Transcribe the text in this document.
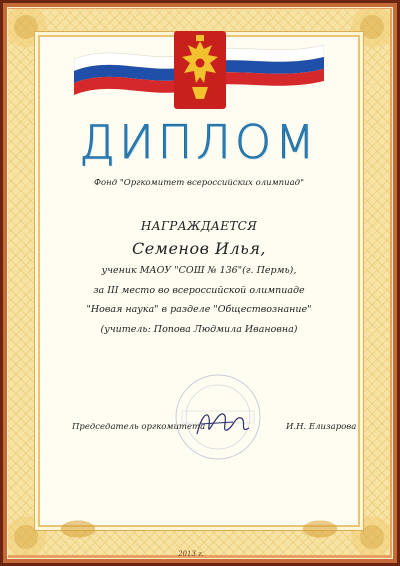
ДИПЛОМ
Фонд "Оргкомитет всероссийских олимпиад"
НАГРАЖДАЕТСЯ
Семенов Илья,
ученик МАОУ "СОШ № 136"(г. Пермь),
за III место во всероссийской олимпиаде
"Новая наука" в разделе "Обществознание"
(учитель: Попова Людмила Ивановна)
Председатель оргкомитета	И.Н. Елизарова
2013 г.
